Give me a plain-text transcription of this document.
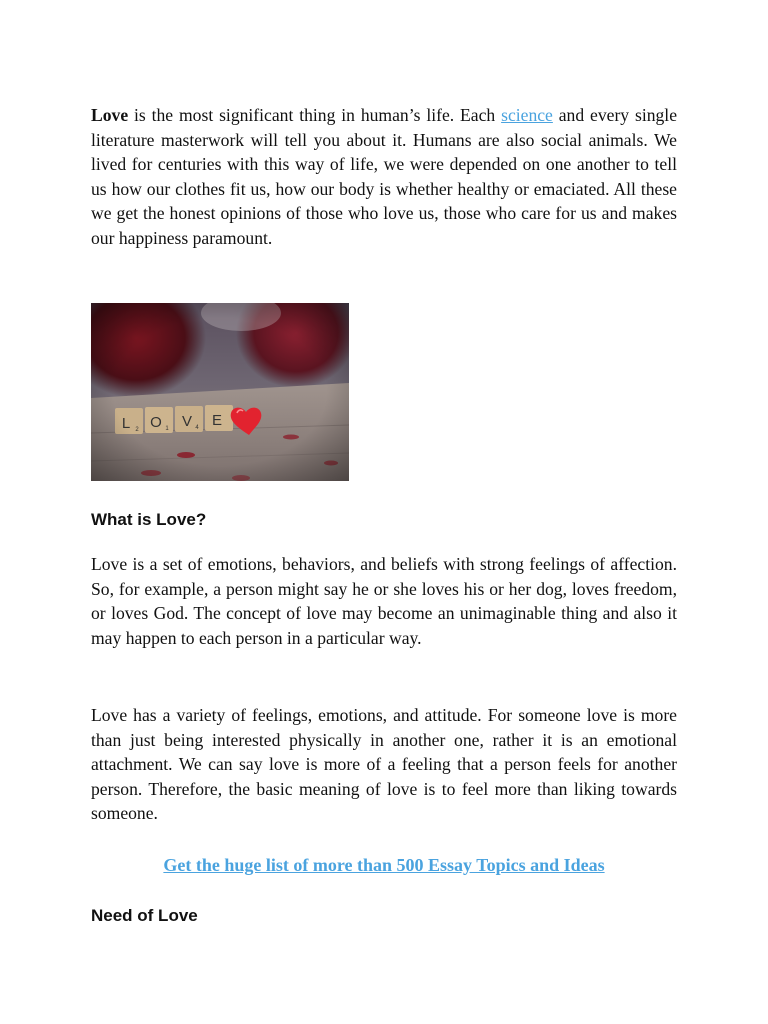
Love is the most significant thing in human’s life. Each science and every single literature masterwork will tell you about it. Humans are also social animals. We lived for centuries with this way of life, we were depended on one another to tell us how our clothes fit us, how our body is whether healthy or emaciated. All these we get the honest opinions of those who love us, those who care for us and makes our happiness paramount.

What is Love?

Love is a set of emotions, behaviors, and beliefs with strong feelings of affection. So, for example, a person might say he or she loves his or her dog, loves freedom, or loves God. The concept of love may become an unimaginable thing and also it may happen to each person in a particular way.

Love has a variety of feelings, emotions, and attitude. For someone love is more than just being interested physically in another one, rather it is an emotional attachment. We can say love is more of a feeling that a person feels for another person. Therefore, the basic meaning of love is to feel more than liking towards someone.

Get the huge list of more than 500 Essay Topics and Ideas
Need of Love
